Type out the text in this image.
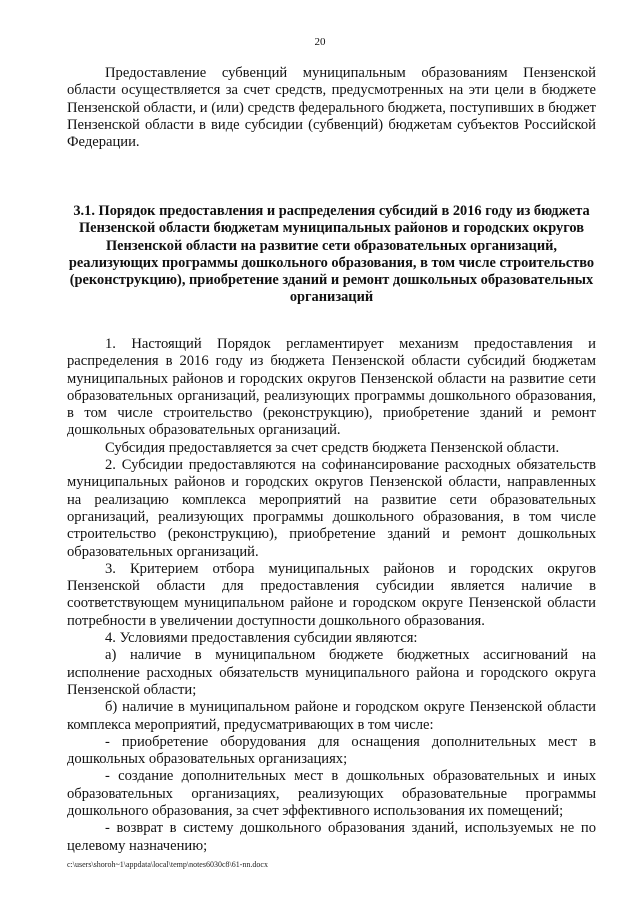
20

Предоставление субвенций муниципальным образованиям Пензенской области осуществляется за счет средств, предусмотренных на эти цели в бюджете Пензенской области, и (или) средств федерального бюджета, поступивших в бюджет Пензенской области в виде субсидии (субвенций) бюджетам субъектов Российской Федерации.

3.1. Порядок предоставления и распределения субсидий в 2016 году из бюджета Пензенской области бюджетам муниципальных районов и городских округов Пензенской области на развитие сети образовательных организаций, реализующих программы дошкольного образования, в том числе строительство (реконструкцию), приобретение зданий и ремонт дошкольных образовательных организаций

1. Настоящий Порядок регламентирует механизм предоставления и распределения в 2016 году из бюджета Пензенской области субсидий бюджетам муниципальных районов и городских округов Пензенской области на развитие сети образовательных организаций, реализующих программы дошкольного образования, в том числе строительство (реконструкцию), приобретение зданий и ремонт дошкольных образовательных организаций.

Субсидия предоставляется за счет средств бюджета Пензенской области.

2. Субсидии предоставляются на софинансирование расходных обязательств муниципальных районов и городских округов Пензенской области, направленных на реализацию комплекса мероприятий на развитие сети образовательных организаций, реализующих программы дошкольного образования, в том числе строительство (реконструкцию), приобретение зданий и ремонт дошкольных образовательных организаций.

3. Критерием отбора муниципальных районов и городских округов Пензенской области для предоставления субсидии является наличие в соответствующем муниципальном районе и городском округе Пензенской области потребности в увеличении доступности дошкольного образования.

4. Условиями предоставления субсидии являются:

а) наличие в муниципальном бюджете бюджетных ассигнований на исполнение расходных обязательств муниципального района и городского округа Пензенской области;

б) наличие в муниципальном районе и городском округе Пензенской области комплекса мероприятий, предусматривающих в том числе:

- приобретение оборудования для оснащения дополнительных мест в дошкольных образовательных организациях;

- создание дополнительных мест в дошкольных образовательных и иных образовательных организациях, реализующих образовательные программы дошкольного образования, за счет эффективного использования их помещений;

- возврат в систему дошкольного образования зданий, используемых не по целевому назначению;

c:\users\shoroh~1\appdata\local\temp\notes6030c8\61-nn.docx
